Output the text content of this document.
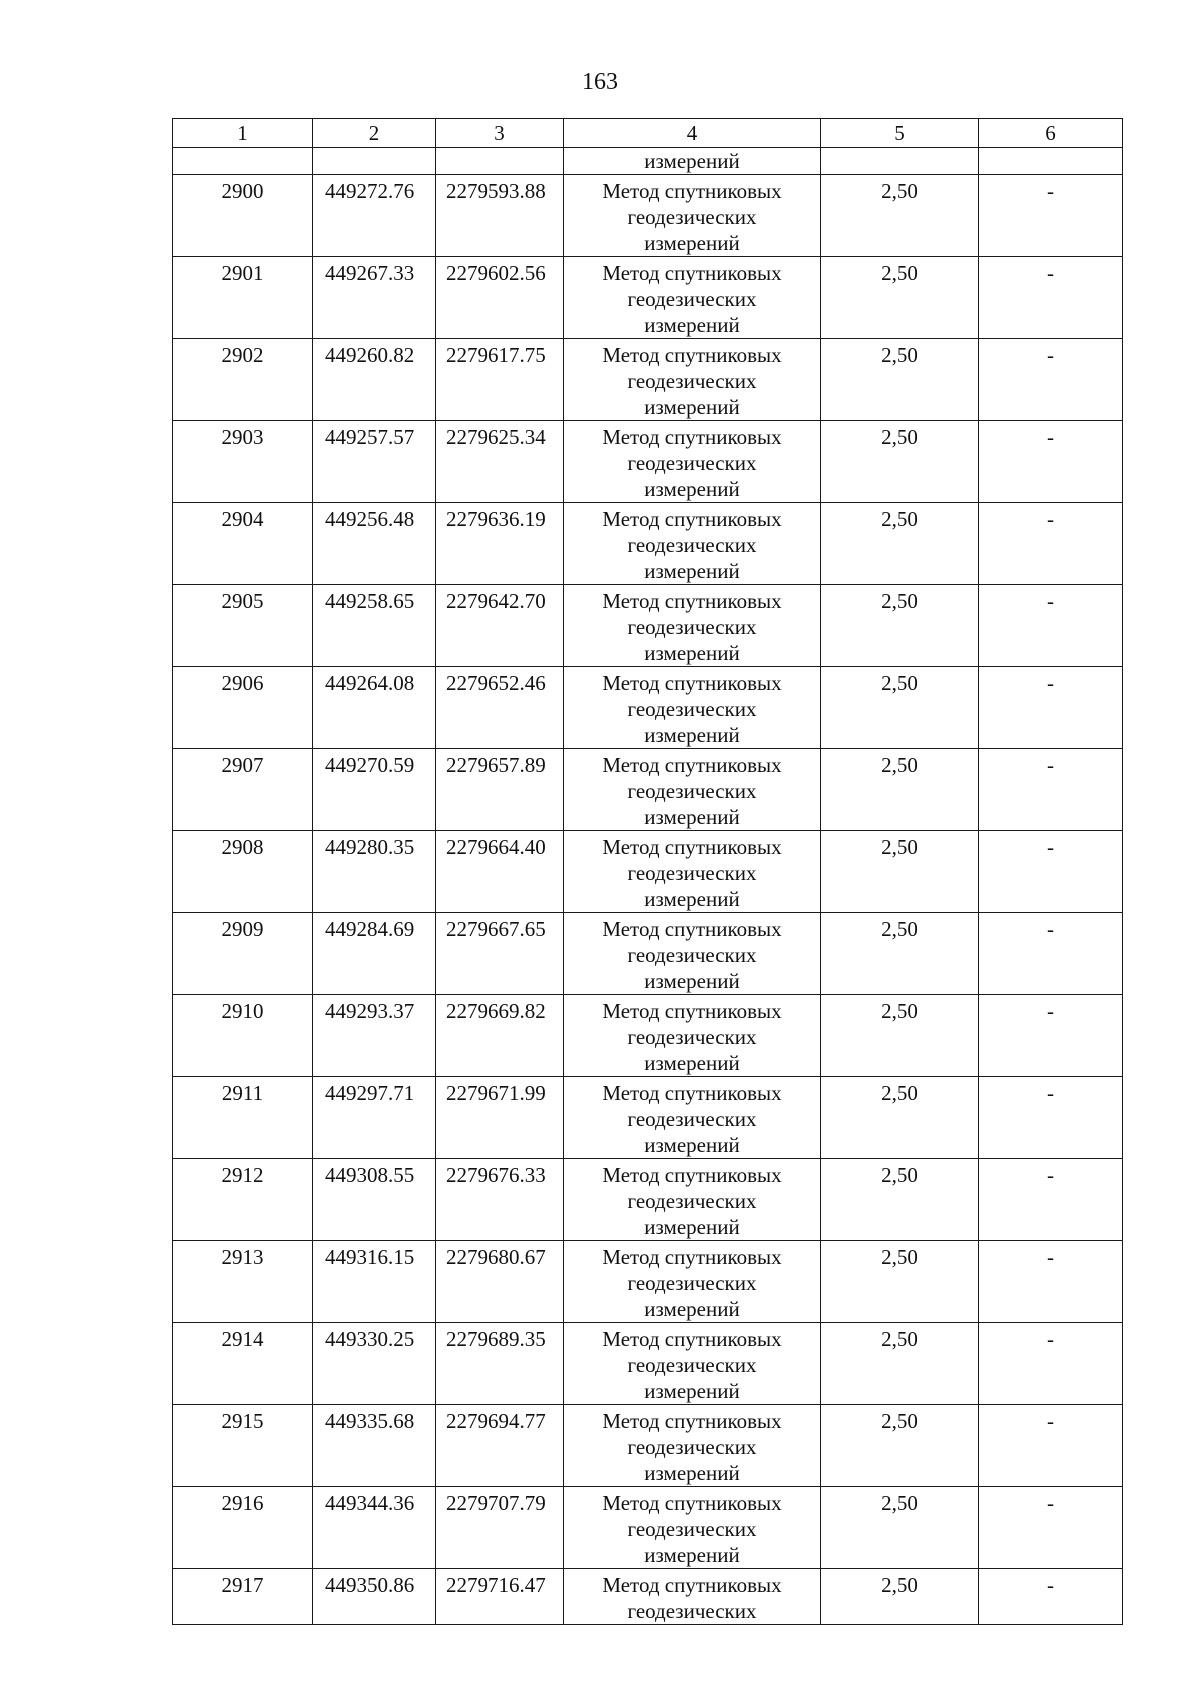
163
1	2	3	4	5	6

			измерений		

2900	449272.76	2279593.88	Метод спутниковых
геодезических
измерений	2,50	-

2901	449267.33	2279602.56	Метод спутниковых
геодезических
измерений	2,50	-

2902	449260.82	2279617.75	Метод спутниковых
геодезических
измерений	2,50	-

2903	449257.57	2279625.34	Метод спутниковых
геодезических
измерений	2,50	-

2904	449256.48	2279636.19	Метод спутниковых
геодезических
измерений	2,50	-

2905	449258.65	2279642.70	Метод спутниковых
геодезических
измерений	2,50	-

2906	449264.08	2279652.46	Метод спутниковых
геодезических
измерений	2,50	-

2907	449270.59	2279657.89	Метод спутниковых
геодезических
измерений	2,50	-

2908	449280.35	2279664.40	Метод спутниковых
геодезических
измерений	2,50	-

2909	449284.69	2279667.65	Метод спутниковых
геодезических
измерений	2,50	-

2910	449293.37	2279669.82	Метод спутниковых
геодезических
измерений	2,50	-

2911	449297.71	2279671.99	Метод спутниковых
геодезических
измерений	2,50	-

2912	449308.55	2279676.33	Метод спутниковых
геодезических
измерений	2,50	-

2913	449316.15	2279680.67	Метод спутниковых
геодезических
измерений	2,50	-

2914	449330.25	2279689.35	Метод спутниковых
геодезических
измерений	2,50	-

2915	449335.68	2279694.77	Метод спутниковых
геодезических
измерений	2,50	-

2916	449344.36	2279707.79	Метод спутниковых
геодезических
измерений	2,50	-

2917	449350.86	2279716.47	Метод спутниковых
геодезических	2,50	-
